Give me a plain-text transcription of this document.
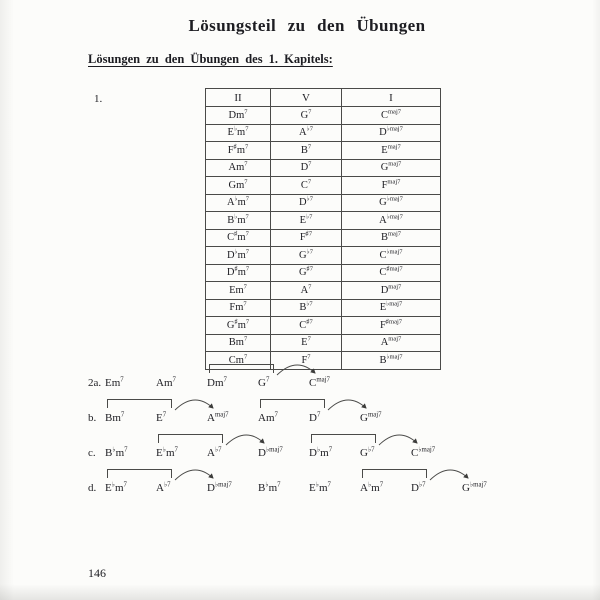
Lösungsteil zu den Übungen
Lösungen zu den Übungen des 1. Kapitels:
1.	II	V	I
Dm$^7$	$G^7$	$C^{maj7}$
$E^♭m^7$	$A^{♭7}$	$D^{♭maj7}$
$F^♯m^7$	$B^7$	$E^{maj7}$
Am$^7$	$D^7$	$G^{maj7}$
Gm$^7$	$C^7$	$F^{maj7}$
$A^♭m^7$	$D^{♭7}$	$G^{♭maj7}$
$B^♭m^7$	$E^{♭7}$	$A^{♭maj7}$
$C^♯m^7$	$F^{♯7}$	$B^{maj7}$
$D^♭m^7$	$G^{♭7}$	$C^{♭maj7}$
$D^♯m^7$	$G^{♯7}$	$C^{♯maj7}$
Em$^7$	$A^7$	$D^{maj7}$
Fm$^7$	$B^{♭7}$	$E^{♭maj7}$
$G^♯m^7$	$C^{♯7}$	$F^{♯maj7}$
Bm$^7$	$E^7$	$A^{maj7}$
Cm$^7$	$F^7$	$B^{♭maj7}$
2a. Em$^7$	Am$^7$	Dm$^7$	$G^7$	$C^{maj7}$
b. Bm$^7$	$E^7$	$A^{maj7}$	Am$^7$	$D^7$	$G^{maj7}$
c. $B^♭m^7$	$E^♭m^7$	$A^{♭7}$	$D^{♭maj7}$ $D^♭m^7$	$G^{♭7}$	$C^{♭maj7}$
d. $E^♭m^7$	$A^{♭7}$	$D^{♭maj7}$ $B^♭m^7$	$E^♭m^7$	$A^♭m^7$	$D^{♭7}$	$G^{♭maj7}$
146
